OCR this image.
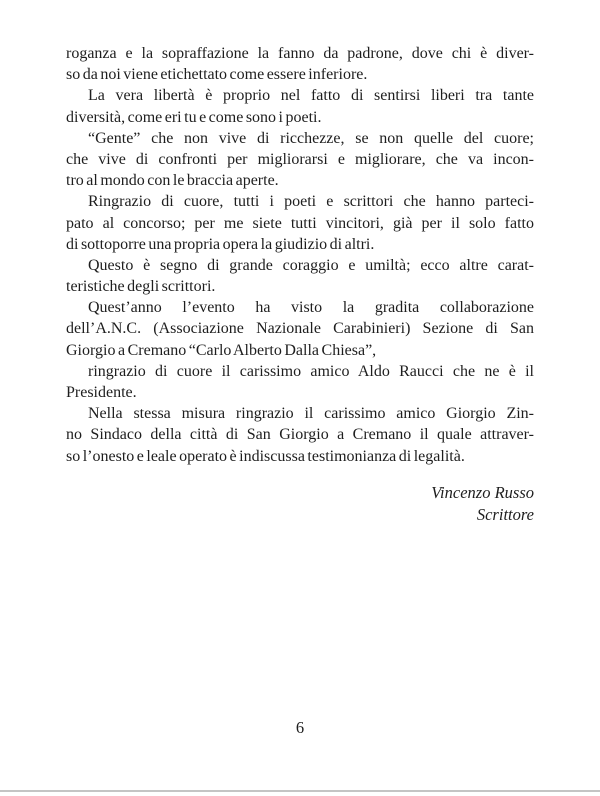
roganza e la sopraffazione la fanno da padrone, dove chi è diver-
so da noi viene etichettato come essere inferiore.
La vera libertà è proprio nel fatto di sentirsi liberi tra tante
diversità, come eri tu e come sono i poeti.
“Gente” che non vive di ricchezze, se non quelle del cuore;
che vive di confronti per migliorarsi e migliorare, che va incon-
tro al mondo con le braccia aperte.
Ringrazio di cuore, tutti i poeti e scrittori che hanno parteci-
pato al concorso; per me siete tutti vincitori, già per il solo fatto
di sottoporre una propria opera la giudizio di altri.
Questo è segno di grande coraggio e umiltà; ecco altre carat-
teristiche degli scrittori.
Quest’anno l’evento ha visto la gradita collaborazione
dell’A.N.C. (Associazione Nazionale Carabinieri) Sezione di San
Giorgio a Cremano “Carlo Alberto Dalla Chiesa”,
ringrazio di cuore il carissimo amico Aldo Raucci che ne è il
Presidente.
Nella stessa misura ringrazio il carissimo amico Giorgio Zin-
no Sindaco della città di San Giorgio a Cremano il quale attraver-
so l’onesto e leale operato è indiscussa testimonianza di legalità.
Vincenzo Russo
Scrittore
6
